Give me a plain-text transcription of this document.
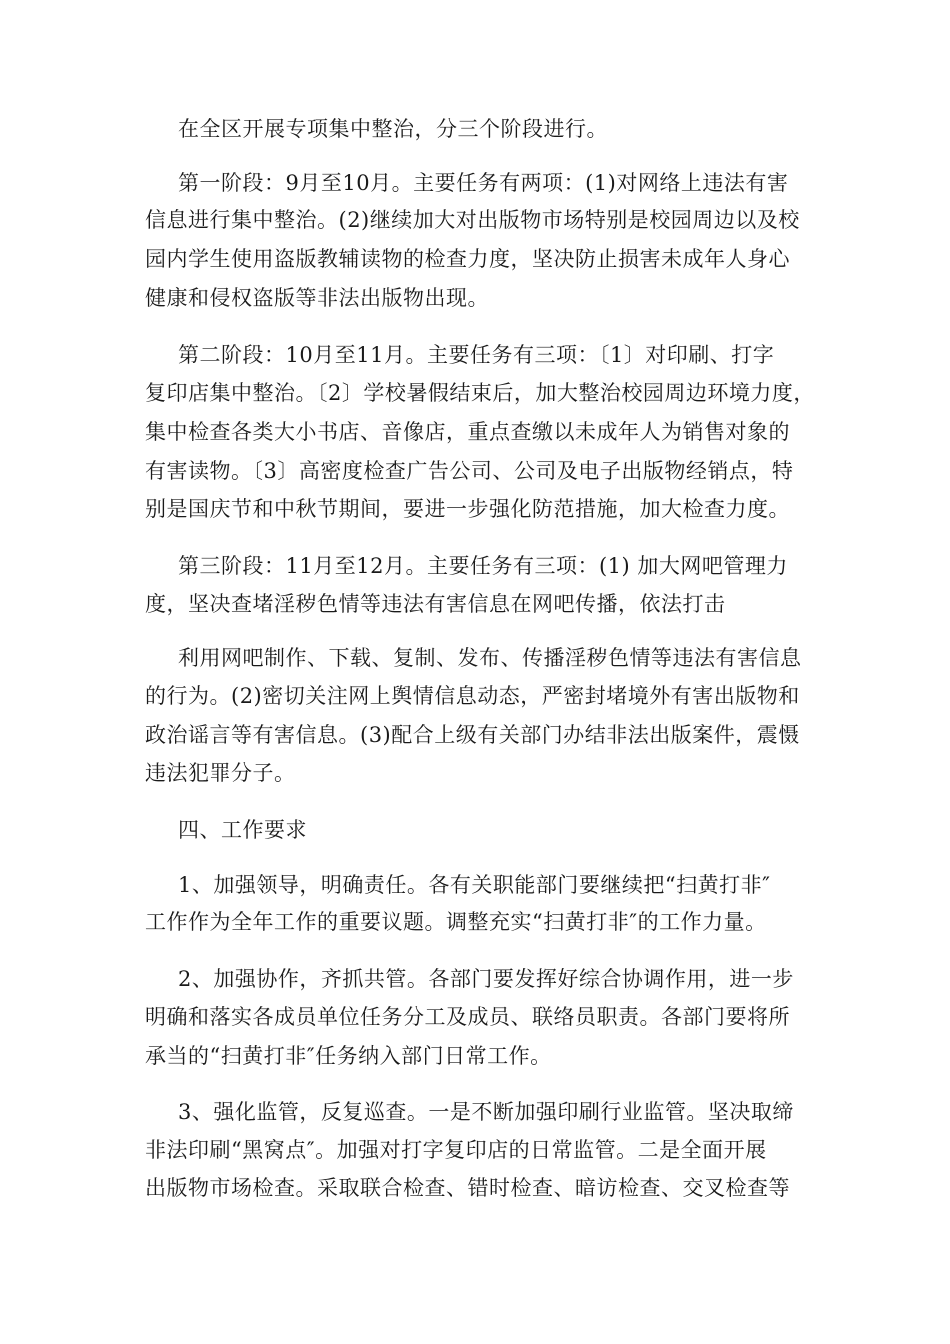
在全区开展专项集中整治，分三个阶段进行。
第一阶段：9月至10月。主要任务有两项：(1)对网络上违法有害
信息进行集中整治。(2)继续加大对出版物市场特别是校园周边以及校
园内学生使用盗版教辅读物的检查力度，坚决防止损害未成年人身心
健康和侵权盗版等非法出版物出现。
第二阶段：10月至11月。主要任务有三项：〔1〕对印刷、打字
复印店集中整治。〔2〕学校暑假结束后，加大整治校园周边环境力度，
集中检查各类大小书店、音像店，重点查缴以未成年人为销售对象的
有害读物。〔3〕高密度检查广告公司、公司及电子出版物经销点，特
别是国庆节和中秋节期间，要进一步强化防范措施，加大检查力度。
第三阶段：11月至12月。主要任务有三项：(1) 加大网吧管理力
度，坚决查堵淫秽色情等违法有害信息在网吧传播，依法打击
利用网吧制作、下载、复制、发布、传播淫秽色情等违法有害信息
的行为。(2)密切关注网上舆情信息动态，严密封堵境外有害出版物和
政治谣言等有害信息。(3)配合上级有关部门办结非法出版案件，震慑
违法犯罪分子。
四、工作要求
1、加强领导，明确责任。各有关职能部门要继续把“扫黄打非″
工作作为全年工作的重要议题。调整充实“扫黄打非″的工作力量。
2、加强协作，齐抓共管。各部门要发挥好综合协调作用，进一步
明确和落实各成员单位任务分工及成员、联络员职责。各部门要将所
承当的“扫黄打非″任务纳入部门日常工作。
3、强化监管，反复巡查。一是不断加强印刷行业监管。坚决取缔
非法印刷“黑窝点″。加强对打字复印店的日常监管。二是全面开展
出版物市场检查。采取联合检查、错时检查、暗访检查、交叉检查等
